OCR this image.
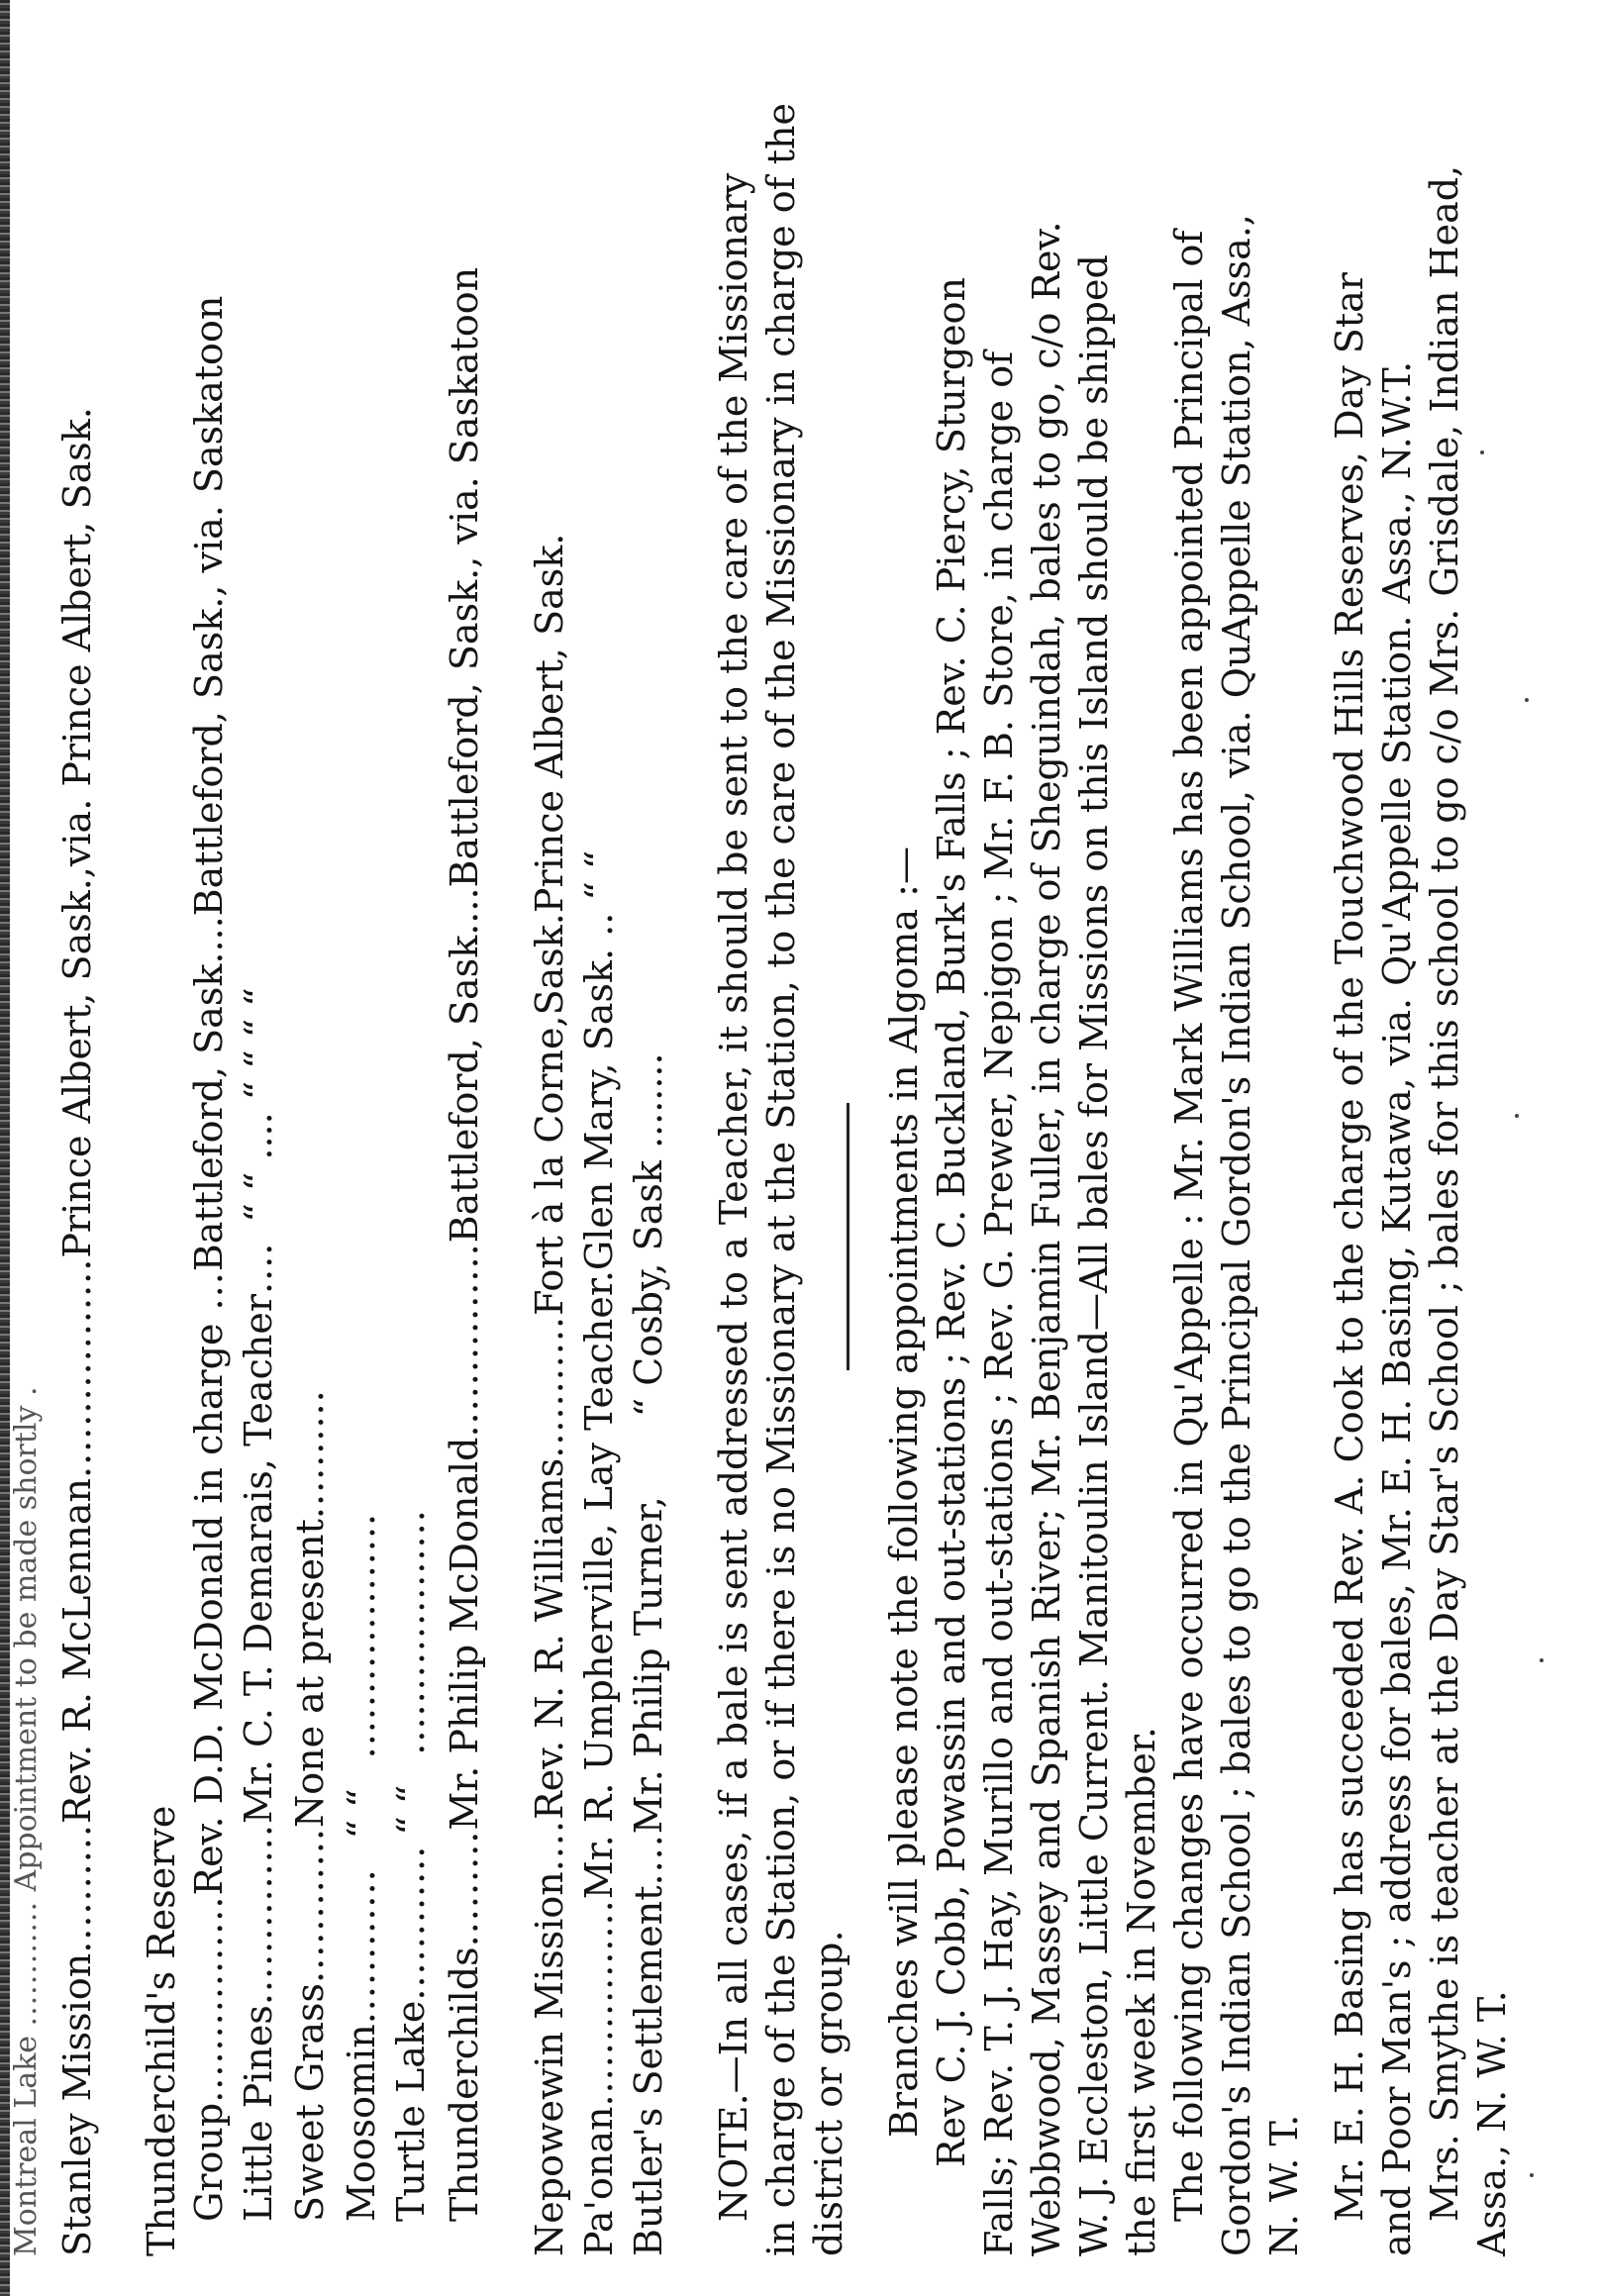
Montreal Lake ............ Appointment to be made shortly .
Stanley Mission..........Rev. R. McLennan.................Prince Albert, Sask.,via. Prince Albert, Sask.
Thunderchild's Reserve Group................Rev. D.D. McDonald in charge ...Battleford, Sask....Battleford, Sask., via. Saskatoon
Little Pines..............Mr. C. T. Demarais, Teacher....“ “ .... “ “ “ “
Sweet Grass............None at present..........
Moosomin............“ “...................
Turtle Lake............“ “...................
Thunderchilds.........Mr. Philip McDonald...............Battleford, Sask....Battleford, Sask., via. Saskatoon
Nepowewin Mission....Rev. N. R. Williams...........Fort à la Corne,Sask.Prince Albert, Sask.
Pa'onan................Mr. R. Umpherville, Lay Teacher.Glen Mary, Sask. .. “ “
Butler's Settlement....Mr. Philip Turner,“ Cosby, Sask ........ NOTE.—In all cases, if a bale is sent addressed to a Teacher, it should be sent to the care of the Missionary in charge of the Station, or if there is no Missionary at the Station, to the care of the Missionary in charge of the district or group. Branches will please note the following appointments in Algoma :— Rev C. J. Cobb, Powassin and out-stations ; Rev. C. Buckland, Burk's Falls ; Rev. C. Piercy, Sturgeon Falls; Rev. T. J. Hay, Murillo and out-stations ; Rev. G. Prewer, Nepigon ; Mr. F. B. Store, in charge of Webbwood, Massey and Spanish River; Mr. Benjamin Fuller, in charge of Sheguindah, bales to go, c/o Rev. W. J. Eccleston, Little Current. Manitoulin Island—All bales for Missions on this Island should be shipped the first week in November. The following changes have occurred in Qu'Appelle : Mr. Mark Williams has been appointed Principal of Gordon's Indian School ; bales to go to the Principal Gordon's Indian School, via. QuAppelle Station, Assa., N. W. T. Mr. E. H. Basing has succeeded Rev. A. Cook to the charge of the Touchwood Hills Reserves, Day Star and Poor Man's ; address for bales, Mr. E. H. Basing, Kutawa, via. Qu'Appelle Station. Assa., N.W.T. Mrs. Smythe is teacher at the Day Star's School ; bales for this school to go c/o Mrs. Grisdale, Indian Head, Assa., N. W. T.
